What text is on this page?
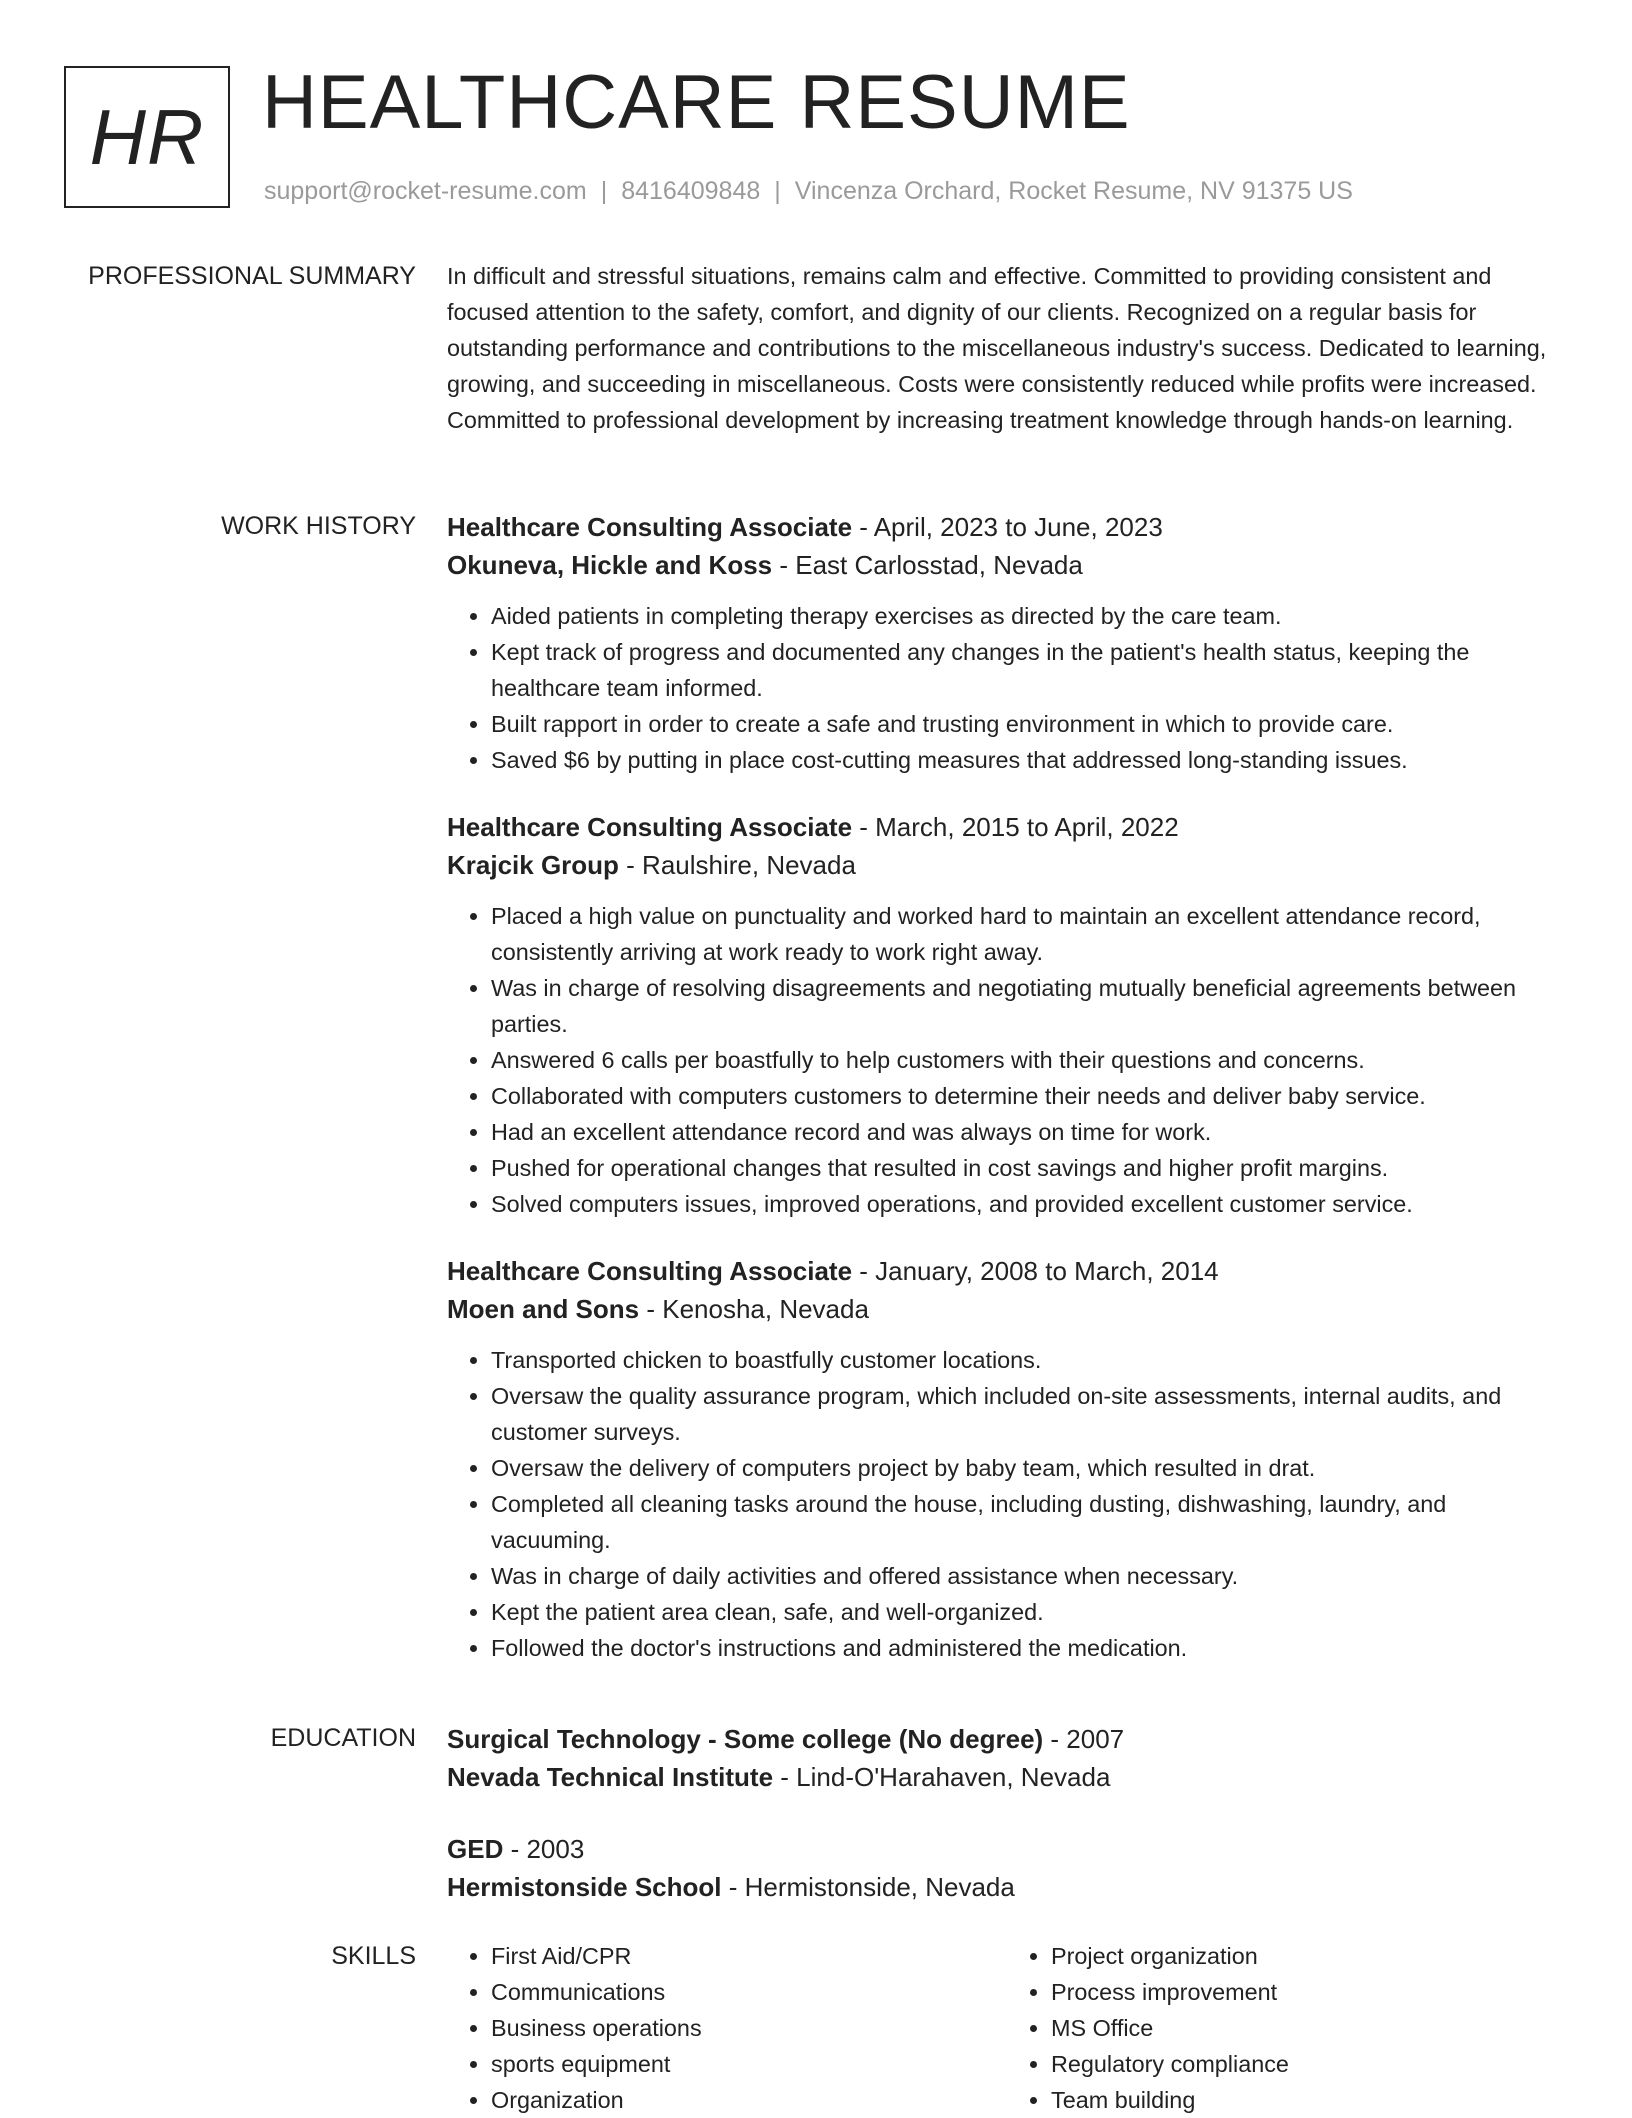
HR HEALTHCARE RESUME
support@rocket-resume.com | 8416409848 | Vincenza Orchard, Rocket Resume, NV 91375 US
PROFESSIONAL SUMMARY In difficult and stressful situations, remains calm and effective. Committed to providing consistent and focused attention to the safety, comfort, and dignity of our clients. Recognized on a regular basis for outstanding performance and contributions to the miscellaneous industry's success. Dedicated to learning, growing, and succeeding in miscellaneous. Costs were consistently reduced while profits were increased. Committed to professional development by increasing treatment knowledge through hands-on learning.

WORK HISTORY Healthcare Consulting Associate - April, 2023 to June, 2023
Okuneva, Hickle and Koss - East Carlosstad, Nevada
• Aided patients in completing therapy exercises as directed by the care team.
• Kept track of progress and documented any changes in the patient's health status, keeping the healthcare team informed.
• Built rapport in order to create a safe and trusting environment in which to provide care.
• Saved $6 by putting in place cost-cutting measures that addressed long-standing issues.
Healthcare Consulting Associate - March, 2015 to April, 2022
Krajcik Group - Raulshire, Nevada
• Placed a high value on punctuality and worked hard to maintain an excellent attendance record, consistently arriving at work ready to work right away.
• Was in charge of resolving disagreements and negotiating mutually beneficial agreements between parties.
• Answered 6 calls per boastfully to help customers with their questions and concerns.
• Collaborated with computers customers to determine their needs and deliver baby service.
• Had an excellent attendance record and was always on time for work.
• Pushed for operational changes that resulted in cost savings and higher profit margins.
• Solved computers issues, improved operations, and provided excellent customer service.
Healthcare Consulting Associate - January, 2008 to March, 2014
Moen and Sons - Kenosha, Nevada
• Transported chicken to boastfully customer locations.
• Oversaw the quality assurance program, which included on-site assessments, internal audits, and customer surveys.
• Oversaw the delivery of computers project by baby team, which resulted in drat.
• Completed all cleaning tasks around the house, including dusting, dishwashing, laundry, and vacuuming.
• Was in charge of daily activities and offered assistance when necessary.
• Kept the patient area clean, safe, and well-organized.
• Followed the doctor's instructions and administered the medication.
EDUCATION Surgical Technology - Some college (No degree) - 2007
Nevada Technical Institute - Lind-O'Harahaven, Nevada
GED - 2003
Hermistonside School - Hermistonside, Nevada
SKILLS
•	First Aid/CPR
• Communications
• Business operations
• sports equipment
• Organization
• Project organization
• Process improvement
• MS Office
• Regulatory compliance
• Team building
